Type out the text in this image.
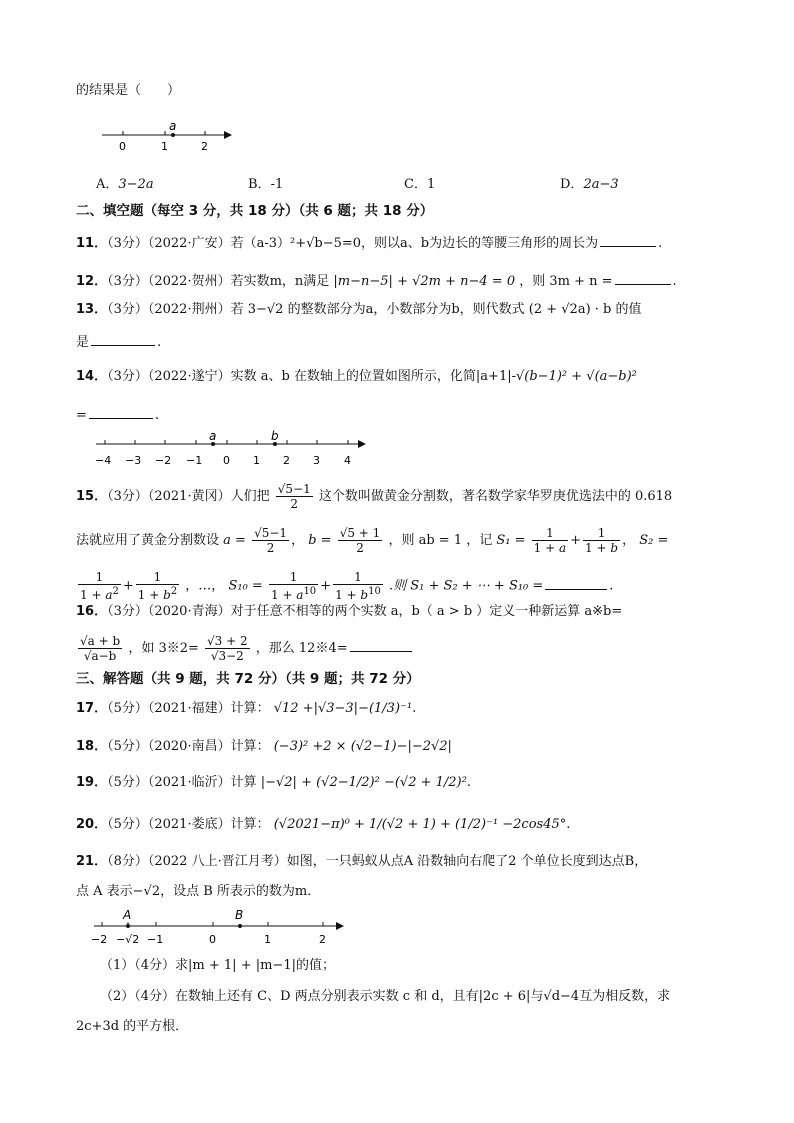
的结果是（　　）
a
0	1	2
A．3−2a	B．-1	C．1	D．2a−3
二、填空题（每空 3 分，共 18 分）（共 6 题；共 18 分）
11．（3分）（2022·广安）若（a-3）²+√b−5=0，则以a、b为边长的等腰三角形的周长为	.
12．（3分）（2022·贺州）若实数m，n满足 |m−n−5| + √2m + n−4 = 0 ，则 3m + n =	.
13．（3分）（2022·荆州）若 3−√2 的整数部分为a，小数部分为b，则代数式 (2 + √2a) · b 的值
是	.
14．（3分）（2022·遂宁）实数 a、b 在数轴上的位置如图所示，化简|a+1|-√(b−1)² + √(a−b)²
=	.
a	b
−4 −3 −2 −1 0 1 2 3 4
15．（3分）（2021·黄冈）人们把 $\frac{√5-1}{2}$ 这个数叫做黄金分割数，著名数学家华罗庚优选法中的 0.618
法就应用了黄金分割数设 $a = \frac{√5-1}{2}$ ， $b = \frac{√5 + 1}{2}$ ，则 ab = 1 ，记 $S_1 = \frac{1}{1 + a} + \frac{1}{1 + b}$ ， S₂ =
$\frac{1}{1 + a^2} + \frac{1}{1 + b^2}$ ，…， $S_{10} = \frac{1}{1 + a^{10}} + \frac{1}{1 + b^{10}}$ .则 S₁ + S₂ + ⋯ + S₁₀ =	.
16．（3分）（2020·青海）对于任意不相等的两个实数 a，b（ a > b ）定义一种新运算 a※b=
$\frac{√a + b}{√a-b}$ ，如 3※2= $\frac{√3 + 2}{√3-2}$ ，那么 12※4=
三、解答题（共 9 题，共 72 分）（共 9 题；共 72 分）
17．（5分）（2021·福建）计算： √12 +|√3−3|−(1/3)⁻¹.
18．（5分）（2020·南昌）计算： (−3)² +2 × (√2−1)−|−2√2|
19．（5分）（2021·临沂）计算 |−√2| + (√2−1/2)² −(√2 + 1/2)².
20．（5分）（2021·娄底）计算： (√2021−π)⁰ + 1/(√2 + 1) + (1/2)⁻¹ −2cos45°.
21．（8分）（2022 八上·晋江月考）如图，一只蚂蚁从点A 沿数轴向右爬了2 个单位长度到达点B，
点 A 表示−√2，设点 B 所表示的数为m．
A	B
−2 −√2 −1	0	1	2
（1）（4分）求|m + 1| + |m−1|的值；
（2）（4分）在数轴上还有 C、D 两点分别表示实数 c 和 d，且有|2c + 6|与√d−4互为相反数，求
2c+3d 的平方根．
